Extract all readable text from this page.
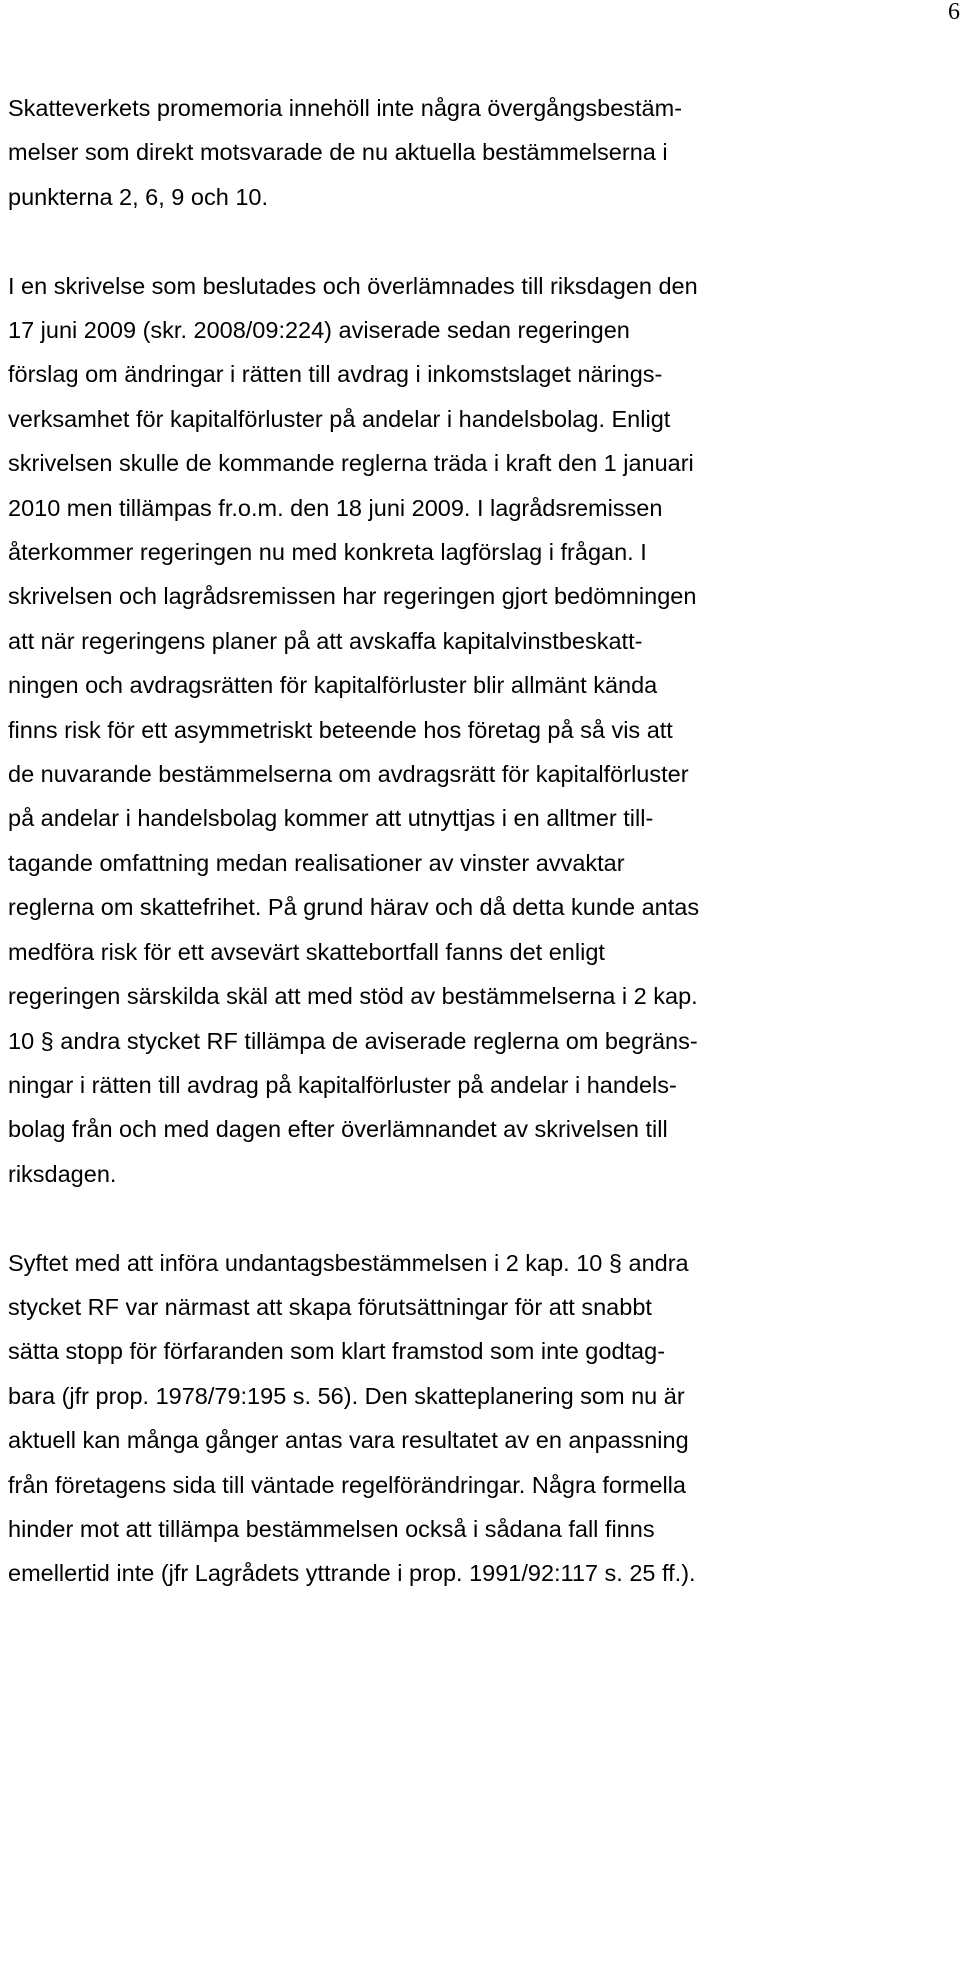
6
Skatteverkets promemoria innehöll inte några övergångsbestäm-
melser som direkt motsvarade de nu aktuella bestämmelserna i
punkterna 2, 6, 9 och 10.
I en skrivelse som beslutades och överlämnades till riksdagen den
17 juni 2009 (skr. 2008/09:224) aviserade sedan regeringen
förslag om ändringar i rätten till avdrag i inkomstslaget närings-
verksamhet för kapitalförluster på andelar i handelsbolag. Enligt
skrivelsen skulle de kommande reglerna träda i kraft den 1 januari
2010 men tillämpas fr.o.m. den 18 juni 2009. I lagrådsremissen
återkommer regeringen nu med konkreta lagförslag i frågan. I
skrivelsen och lagrådsremissen har regeringen gjort bedömningen
att när regeringens planer på att avskaffa kapitalvinstbeskatt-
ningen och avdragsrätten för kapitalförluster blir allmänt kända
finns risk för ett asymmetriskt beteende hos företag på så vis att
de nuvarande bestämmelserna om avdragsrätt för kapitalförluster
på andelar i handelsbolag kommer att utnyttjas i en alltmer till-
tagande omfattning medan realisationer av vinster avvaktar
reglerna om skattefrihet. På grund härav och då detta kunde antas
medföra risk för ett avsevärt skattebortfall fanns det enligt
regeringen särskilda skäl att med stöd av bestämmelserna i 2 kap.
10 § andra stycket RF tillämpa de aviserade reglerna om begräns-
ningar i rätten till avdrag på kapitalförluster på andelar i handels-
bolag från och med dagen efter överlämnandet av skrivelsen till
riksdagen.
Syftet med att införa undantagsbestämmelsen i 2 kap. 10 § andra
stycket RF var närmast att skapa förutsättningar för att snabbt
sätta stopp för förfaranden som klart framstod som inte godtag-
bara (jfr prop. 1978/79:195 s. 56). Den skatteplanering som nu är
aktuell kan många gånger antas vara resultatet av en anpassning
från företagens sida till väntade regelförändringar. Några formella
hinder mot att tillämpa bestämmelsen också i sådana fall finns
emellertid inte (jfr Lagrådets yttrande i prop. 1991/92:117 s. 25 ff.).
